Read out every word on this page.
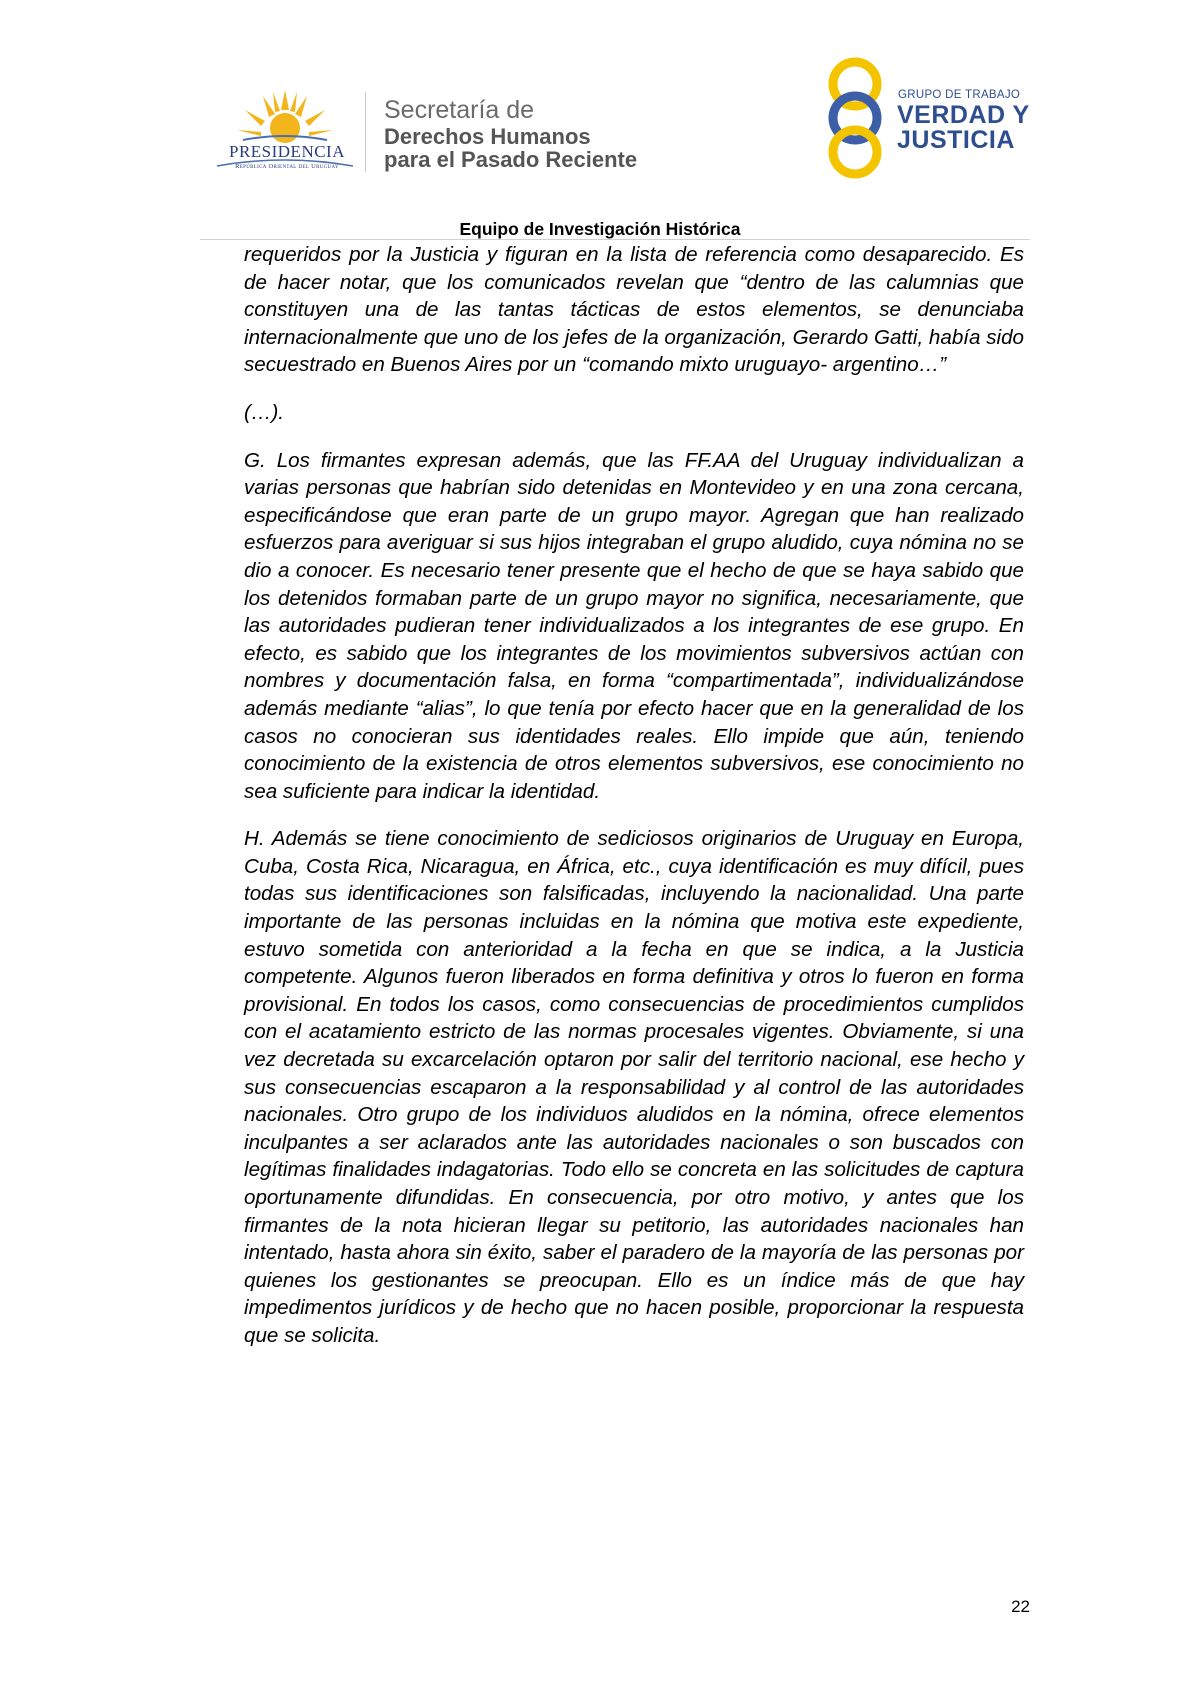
PRESIDENCIA
República Oriental del Uruguay
Secretaría de
Derechos Humanos
para el Pasado Reciente
GRUPO DE TRABAJO
VERDAD Y
JUSTICIA
Equipo de Investigación Histórica

requeridos por la Justicia y figuran en la lista de referencia como desaparecido. Es de hacer notar, que los comunicados revelan que “dentro de las calumnias que constituyen una de las tantas tácticas de estos elementos, se denunciaba internacionalmente que uno de los jefes de la organización, Gerardo Gatti, había sido secuestrado en Buenos Aires por un “comando mixto uruguayo- argentino…”

(…).

G. Los firmantes expresan además, que las FF.AA del Uruguay individualizan a varias personas que habrían sido detenidas en Montevideo y en una zona cercana, especificándose que eran parte de un grupo mayor. Agregan que han realizado esfuerzos para averiguar si sus hijos integraban el grupo aludido, cuya nómina no se dio a conocer. Es necesario tener presente que el hecho de que se haya sabido que los detenidos formaban parte de un grupo mayor no significa, necesariamente, que las autoridades pudieran tener individualizados a los integrantes de ese grupo. En efecto, es sabido que los integrantes de los movimientos subversivos actúan con nombres y documentación falsa, en forma “compartimentada”, individualizándose además mediante “alias”, lo que tenía por efecto hacer que en la generalidad de los casos no conocieran sus identidades reales. Ello impide que aún, teniendo conocimiento de la existencia de otros elementos subversivos, ese conocimiento no sea suficiente para indicar la identidad.

H. Además se tiene conocimiento de sediciosos originarios de Uruguay en Europa, Cuba, Costa Rica, Nicaragua, en África, etc., cuya identificación es muy difícil, pues todas sus identificaciones son falsificadas, incluyendo la nacionalidad. Una parte importante de las personas incluidas en la nómina que motiva este expediente, estuvo sometida con anterioridad a la fecha en que se indica, a la Justicia competente. Algunos fueron liberados en forma definitiva y otros lo fueron en forma provisional. En todos los casos, como consecuencias de procedimientos cumplidos con el acatamiento estricto de las normas procesales vigentes. Obviamente, si una vez decretada su excarcelación optaron por salir del territorio nacional, ese hecho y sus consecuencias escaparon a la responsabilidad y al control de las autoridades nacionales. Otro grupo de los individuos aludidos en la nómina, ofrece elementos inculpantes a ser aclarados ante las autoridades nacionales o son buscados con legítimas finalidades indagatorias. Todo ello se concreta en las solicitudes de captura oportunamente difundidas. En consecuencia, por otro motivo, y antes que los firmantes de la nota hicieran llegar su petitorio, las autoridades nacionales han intentado, hasta ahora sin éxito, saber el paradero de la mayoría de las personas por quienes los gestionantes se preocupan. Ello es un índice más de que hay impedimentos jurídicos y de hecho que no hacen posible, proporcionar la respuesta que se solicita.

22
